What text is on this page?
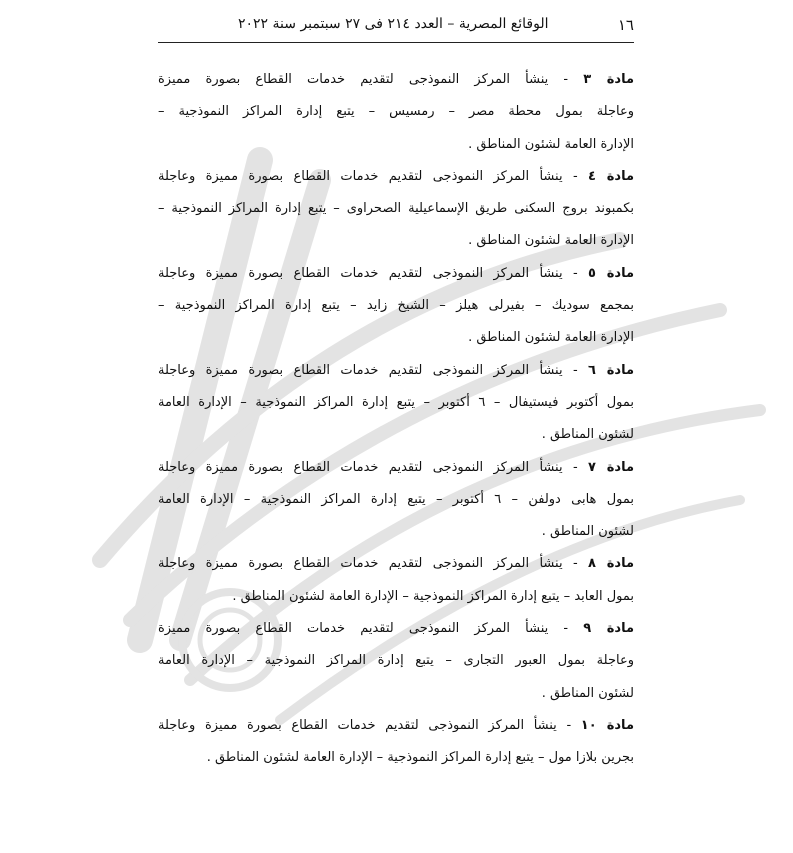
١٦
الوقائع المصرية – العدد ٢١٤ فى ٢٧ سبتمبر سنة ٢٠٢٢
مادة ٣ - ينشأ المركز النموذجى لتقديم خدمات القطاع بصورة مميزة
وعاجلة بمول محطة مصر – رمسيس – يتبع إدارة المراكز النموذجية –
الإدارة العامة لشئون المناطق .
مادة ٤ - ينشأ المركز النموذجى لتقديم خدمات القطاع بصورة مميزة وعاجلة
بكمبوند بروج السكنى طريق الإسماعيلية الصحراوى – يتبع إدارة المراكز النموذجية –
الإدارة العامة لشئون المناطق .
مادة ٥ - ينشأ المركز النموذجى لتقديم خدمات القطاع بصورة مميزة وعاجلة
بمجمع سوديك – بفيرلى هيلز – الشيخ زايد – يتبع إدارة المراكز النموذجية –
الإدارة العامة لشئون المناطق .
مادة ٦ - ينشأ المركز النموذجى لتقديم خدمات القطاع بصورة مميزة وعاجلة
بمول أكتوبر فيستيفال – ٦ أكتوبر – يتبع إدارة المراكز النموذجية – الإدارة العامة
لشئون المناطق .
مادة ٧ - ينشأ المركز النموذجى لتقديم خدمات القطاع بصورة مميزة وعاجلة
بمول هابى دولفن – ٦ أكتوبر – يتبع إدارة المراكز النموذجية – الإدارة العامة
لشئون المناطق .
مادة ٨ - ينشأ المركز النموذجى لتقديم خدمات القطاع بصورة مميزة وعاجلة
بمول العابد – يتبع إدارة المراكز النموذجية – الإدارة العامة لشئون المناطق .
مادة ٩ - ينشأ المركز النموذجى لتقديم خدمات القطاع بصورة مميزة
وعاجلة بمول العبور التجارى – يتبع إدارة المراكز النموذجية – الإدارة العامة
لشئون المناطق .
مادة ١٠ - ينشأ المركز النموذجى لتقديم خدمات القطاع بصورة مميزة وعاجلة
بجرين بلازا مول – يتبع إدارة المراكز النموذجية – الإدارة العامة لشئون المناطق .
